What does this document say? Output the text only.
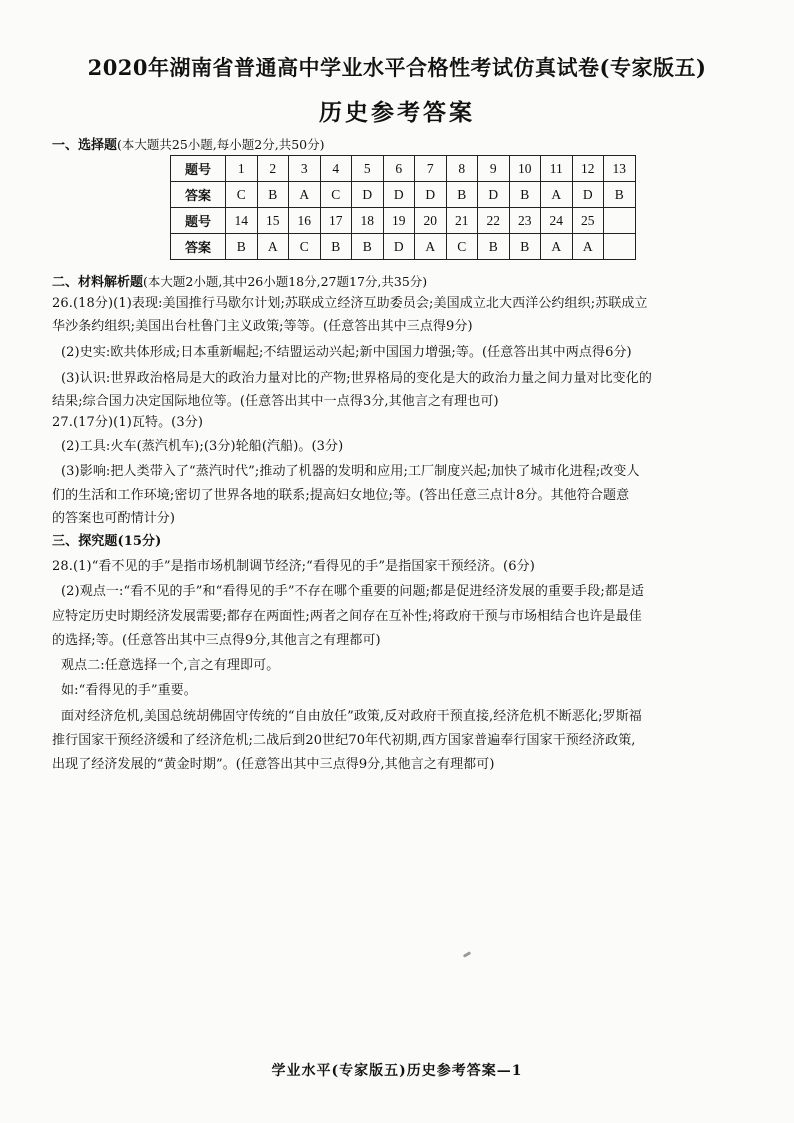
2020年湖南省普通高中学业水平合格性考试仿真试卷(专家版五)
历史参考答案
一、选择题(本大题共25小题,每小题2分,共50分)
题号	1	2	3	4	5	6	7	8	9	10	11	12	13
答案	C	B	A	C	D	D	D	B	D	B	A	D	B
题号	14	15	16	17	18	19	20	21	22	23	24	25	
答案	B	A	C	B	B	D	A	C	B	B	A	A	
二、材料解析题(本大题2小题,其中26小题18分,27题17分,共35分)
26.(18分)(1)表现:美国推行马歇尔计划;苏联成立经济互助委员会;美国成立北大西洋公约组织;苏联成立
华沙条约组织;美国出台杜鲁门主义政策;等等。(任意答出其中三点得9分)
(2)史实:欧共体形成;日本重新崛起;不结盟运动兴起;新中国国力增强;等。(任意答出其中两点得6分)
(3)认识:世界政治格局是大的政治力量对比的产物;世界格局的变化是大的政治力量之间力量对比变化的
结果;综合国力决定国际地位等。(任意答出其中一点得3分,其他言之有理也可)
27.(17分)(1)瓦特。(3分)
(2)工具:火车(蒸汽机车);(3分)轮船(汽船)。(3分)
(3)影响:把人类带入了“蒸汽时代”;推动了机器的发明和应用;工厂制度兴起;加快了城市化进程;改变人
们的生活和工作环境;密切了世界各地的联系;提高妇女地位;等。(答出任意三点计8分。其他符合题意
的答案也可酌情计分)
三、探究题(15分)
28.(1)“看不见的手”是指市场机制调节经济;“看得见的手”是指国家干预经济。(6分)
(2)观点一:“看不见的手”和“看得见的手”不存在哪个重要的问题;都是促进经济发展的重要手段;都是适
应特定历史时期经济发展需要;都存在两面性;两者之间存在互补性;将政府干预与市场相结合也许是最佳
的选择;等。(任意答出其中三点得9分,其他言之有理都可)
观点二:任意选择一个,言之有理即可。
如:“看得见的手”重要。
面对经济危机,美国总统胡佛固守传统的“自由放任”政策,反对政府干预直接,经济危机不断恶化;罗斯福
推行国家干预经济缓和了经济危机;二战后到20世纪70年代初期,西方国家普遍奉行国家干预经济政策,
出现了经济发展的“黄金时期”。(任意答出其中三点得9分,其他言之有理都可)
学业水平(专家版五)历史参考答案—1
